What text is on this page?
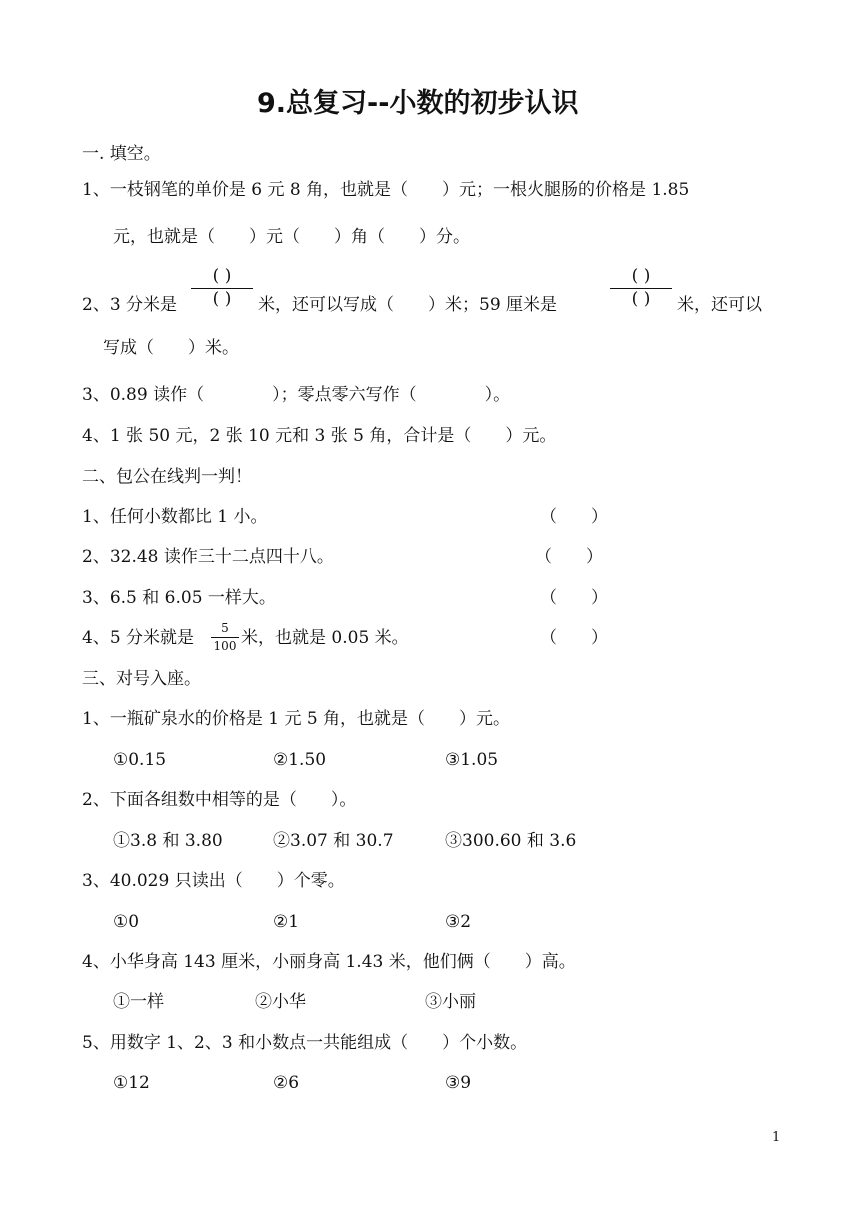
9.总复习--小数的初步认识
一. 填空。
1、一枝钢笔的单价是 6 元 8 角，也就是（　　）元；一根火腿肠的价格是 1.85
元，也就是（　　）元（　　）角（　　）分。
2、3 分米是
( )
( )	米，还可以写成（　　）米；59 厘米是
( )
( )	米，还可以
写成（　　）米。
3、0.89 读作（　　　　）；零点零六写作（　　　　）。
4、1 张 50 元，2 张 10 元和 3 张 5 角，合计是（　　）元。
二、包公在线判一判！
1、任何小数都比 1 小。	（　　）
2、32.48 读作三十二点四十八。	（　　）
3、6.5 和 6.05 一样大。	（　　）
4、5 分米就是 $\frac{5}{100}$ 米，也就是 0.05 米。	（　　）
三、对号入座。
1、一瓶矿泉水的价格是 1 元 5 角，也就是（　　）元。
①0.15	②1.50	③1.05
2、下面各组数中相等的是（　　）。
①3.8 和 3.80	②3.07 和 30.7	③300.60 和 3.6
3、40.029 只读出（　　）个零。
①0	②1	③2
4、小华身高 143 厘米，小丽身高 1.43 米，他们俩（　　）高。
①一样	②小华	③小丽
5、用数字 1、2、3 和小数点一共能组成（　　）个小数。
①12	②6	③9
1
